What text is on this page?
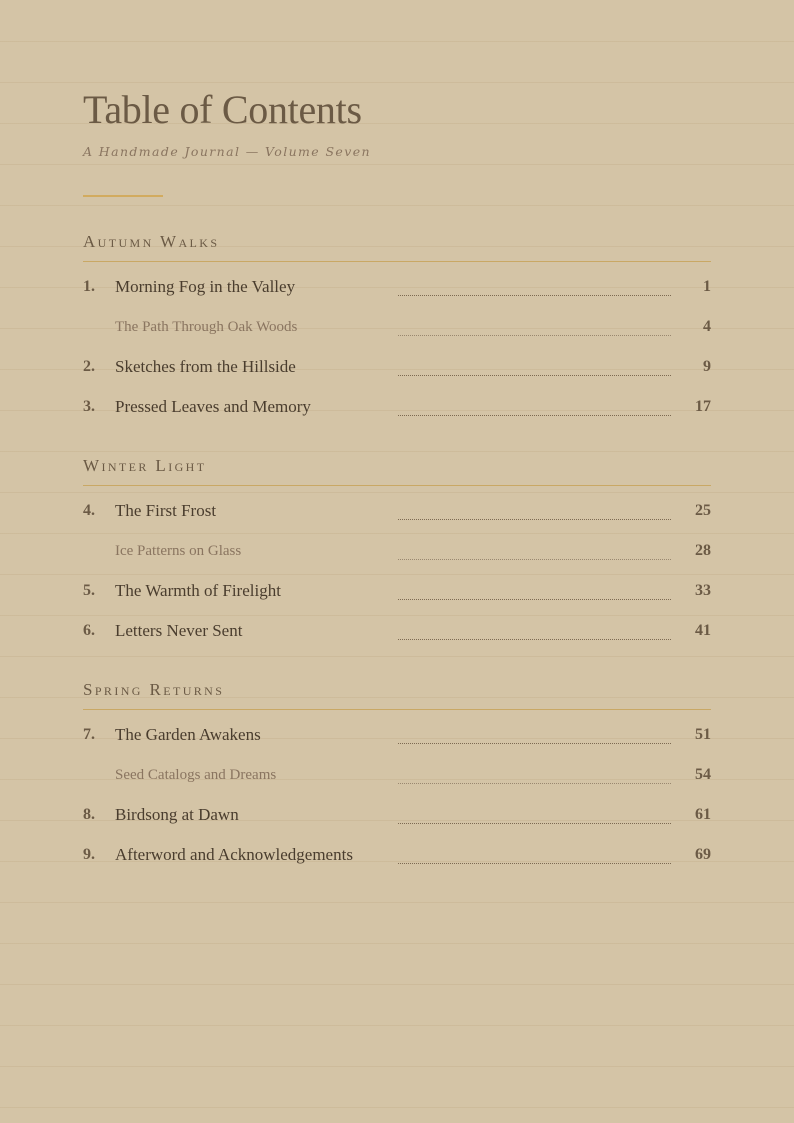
Table of Contents
A Handmade Journal — Volume Seven
Autumn Walks
1. Morning Fog in the Valley	1
The Path Through Oak Woods	4
2. Sketches from the Hillside	9
3. Pressed Leaves and Memory	17
Winter Light
4. The First Frost	25
Ice Patterns on Glass	28
5. The Warmth of Firelight	33
6. Letters Never Sent	41
Spring Returns
7. The Garden Awakens	51
Seed Catalogs and Dreams	54
8. Birdsong at Dawn	61
9. Afterword and Acknowledgements	69
